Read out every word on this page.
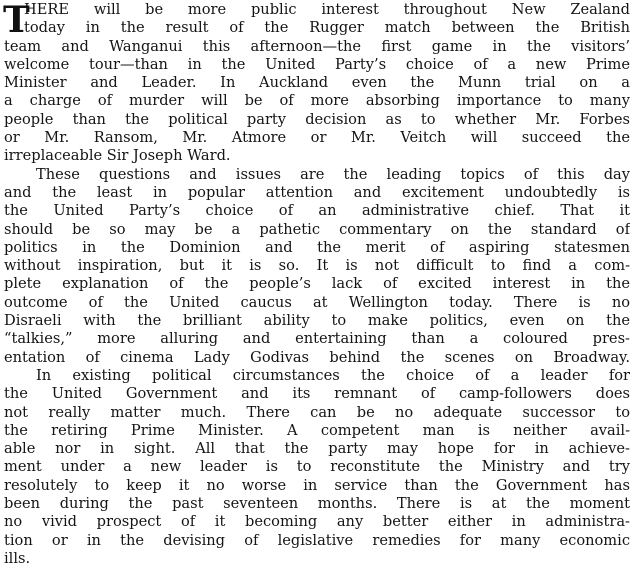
T
HERE will be more public interest throughout New Zealand
today in the result of the Rugger match between the British
team and Wanganui this afternoon—the first game in the visitors’
welcome tour—than in the United Party’s choice of a new Prime
Minister and Leader. In Auckland even the Munn trial on a
a charge of murder will be of more absorbing importance to many
people than the political party decision as to whether Mr. Forbes
or Mr. Ransom, Mr. Atmore or Mr. Veitch will succeed the
irreplaceable Sir Joseph Ward.
These questions and issues are the leading topics of this day
and the least in popular attention and excitement undoubtedly is
the United Party’s choice of an administrative chief. That it
should be so may be a pathetic commentary on the standard of
politics in the Dominion and the merit of aspiring statesmen
without inspiration, but it is so. It is not difficult to find a com-
plete explanation of the people’s lack of excited interest in the
outcome of the United caucus at Wellington today. There is no
Disraeli with the brilliant ability to make politics, even on the
“talkies,” more alluring and entertaining than a coloured pres-
entation of cinema Lady Godivas behind the scenes on Broadway.
In existing political circumstances the choice of a leader for
the United Government and its remnant of camp-followers does
not really matter much. There can be no adequate successor to
the retiring Prime Minister. A competent man is neither avail-
able nor in sight. All that the party may hope for in achieve-
ment under a new leader is to reconstitute the Ministry and try
resolutely to keep it no worse in service than the Government has
been during the past seventeen months. There is at the moment
no vivid prospect of it becoming any better either in administra-
tion or in the devising of legislative remedies for many economic
ills.
